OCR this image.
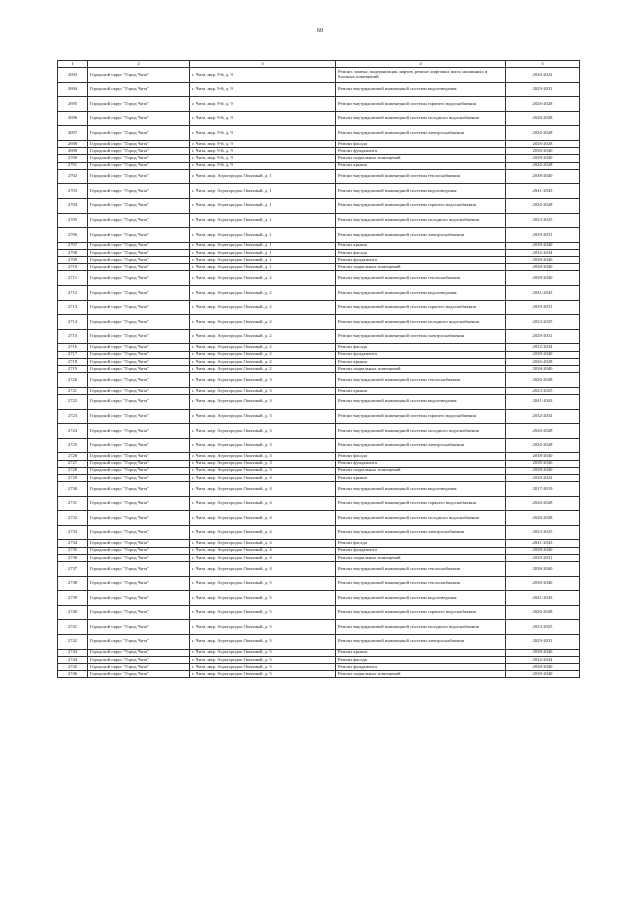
60
1	2	3	4	5
2693	Городской округ "Город Чита"	г. Чита, мкр. 9-й, д. 9	Ремонт, замена, модернизация лифтов, ремонт лифтовых шахт, машинных и блочных помещений	2020-2022
2694	Городской округ "Город Чита"	г. Чита, мкр. 9-й, д. 9	Ремонт внутридомовой инженерной системы водоотведения	2029-2031
2695	Городской округ "Город Чита"	г. Чита, мкр. 9-й, д. 9	Ремонт внутридомовой инженерной системы горячего водоснабжения	2026-2028
2696	Городской округ "Город Чита"	г. Чита, мкр. 9-й, д. 9	Ремонт внутридомовой инженерной системы холодного водоснабжения	2026-2028
2697	Городской округ "Город Чита"	г. Чита, мкр. 9-й, д. 9	Ремонт внутридомовой инженерной системы электроснабжения	2026-2028
2698	Городской округ "Город Чита"	г. Чита, мкр. 9-й, д. 9	Ремонт фасада	2026-2028
2699	Городской округ "Город Чита"	г. Чита, мкр. 9-й, д. 9	Ремонт фундамента	2038-2040
2700	Городской округ "Город Чита"	г. Чита, мкр. 9-й, д. 9	Ремонт подвальных помещений	2038-2040
2701	Городской округ "Город Чита"	г. Чита, мкр. 9-й, д. 9	Ремонт крыши	2026-2028
2702	Городской округ "Город Чита"	г. Чита, мкр. Агрогородок Опытный, д. 1	Ремонт внутридомовой инженерной системы теплоснабжения	2038-2040
2703	Городской округ "Город Чита"	г. Чита, мкр. Агрогородок Опытный, д. 1	Ремонт внутридомовой инженерной системы водоотведения	2041-2043
2704	Городской округ "Город Чита"	г. Чита, мкр. Агрогородок Опытный, д. 1	Ремонт внутридомовой инженерной системы горячего водоснабжения	2026-2028
2705	Городской округ "Город Чита"	г. Чита, мкр. Агрогородок Опытный, д. 1	Ремонт внутридомовой инженерной системы холодного водоснабжения	2023-2025
2706	Городской округ "Город Чита"	г. Чита, мкр. Агрогородок Опытный, д. 1	Ремонт внутридомовой инженерной системы электроснабжения	2029-2031
2707	Городской округ "Город Чита"	г. Чита, мкр. Агрогородок Опытный, д. 1	Ремонт крыши	2038-2040
2708	Городской округ "Город Чита"	г. Чита, мкр. Агрогородок Опытный, д. 1	Ремонт фасада	2032-2034
2709	Городской округ "Город Чита"	г. Чита, мкр. Агрогородок Опытный, д. 1	Ремонт фундамента	2038-2040
2710	Городской округ "Город Чита"	г. Чита, мкр. Агрогородок Опытный, д. 1	Ремонт подвальных помещений	2038-2040
2711	Городской округ "Город Чита"	г. Чита, мкр. Агрогородок Опытный, д. 2	Ремонт внутридомовой инженерной системы теплоснабжения	2038-2040
2712	Городской округ "Город Чита"	г. Чита, мкр. Агрогородок Опытный, д. 2	Ремонт внутридомовой инженерной системы водоотведения	2041-2043
2713	Городской округ "Город Чита"	г. Чита, мкр. Агрогородок Опытный, д. 2	Ремонт внутридомовой инженерной системы горячего водоснабжения	2029-2031
2714	Городской округ "Город Чита"	г. Чита, мкр. Агрогородок Опытный, д. 2	Ремонт внутридомовой инженерной системы холодного водоснабжения	2023-2025
2715	Городской округ "Город Чита"	г. Чита, мкр. Агрогородок Опытный, д. 2	Ремонт внутридомовой инженерной системы электроснабжения	2029-2031
2716	Городской округ "Город Чита"	г. Чита, мкр. Агрогородок Опытный, д. 2	Ремонт фасада	2032-2034
2717	Городской округ "Город Чита"	г. Чита, мкр. Агрогородок Опытный, д. 2	Ремонт фундамента	2038-2040
2718	Городской округ "Город Чита"	г. Чита, мкр. Агрогородок Опытный, д. 2	Ремонт крыши	2026-2028
2719	Городской округ "Город Чита"	г. Чита, мкр. Агрогородок Опытный, д. 2	Ремонт подвальных помещений	2038-2040
2720	Городской округ "Город Чита"	г. Чита, мкр. Агрогородок Опытный, д. 3	Ремонт внутридомовой инженерной системы теплоснабжения	2026-2028
2721	Городской округ "Город Чита"	г. Чита, мкр. Агрогородок Опытный, д. 3	Ремонт крыши	2023-2025
2722	Городской округ "Город Чита"	г. Чита, мкр. Агрогородок Опытный, д. 3	Ремонт внутридомовой инженерной системы водоотведения	2041-2043
2723	Городской округ "Город Чита"	г. Чита, мкр. Агрогородок Опытный, д. 3	Ремонт внутридомовой инженерной системы горячего водоснабжения	2032-2034
2724	Городской округ "Город Чита"	г. Чита, мкр. Агрогородок Опытный, д. 3	Ремонт внутридомовой инженерной системы холодного водоснабжения	2026-2028
2725	Городской округ "Город Чита"	г. Чита, мкр. Агрогородок Опытный, д. 3	Ремонт внутридомовой инженерной системы электроснабжения	2026-2028
2726	Городской округ "Город Чита"	г. Чита, мкр. Агрогородок Опытный, д. 3	Ремонт фасада	2038-2040
2727	Городской округ "Город Чита"	г. Чита, мкр. Агрогородок Опытный, д. 3	Ремонт фундамента	2038-2040
2728	Городской округ "Город Чита"	г. Чита, мкр. Агрогородок Опытный, д. 3	Ремонт подвальных помещений	2038-2040
2729	Городской округ "Город Чита"	г. Чита, мкр. Агрогородок Опытный, д. 4	Ремонт крыши	2020-2022
2730	Городской округ "Город Чита"	г. Чита, мкр. Агрогородок Опытный, д. 4	Ремонт внутридомовой инженерной системы водоотведения	2017-2019
2731	Городской округ "Город Чита"	г. Чита, мкр. Агрогородок Опытный, д. 4	Ремонт внутридомовой инженерной системы горячего водоснабжения	2026-2028
2732	Городской округ "Город Чита"	г. Чита, мкр. Агрогородок Опытный, д. 4	Ремонт внутридомовой инженерной системы холодного водоснабжения	2026-2028
2733	Городской округ "Город Чита"	г. Чита, мкр. Агрогородок Опытный, д. 4	Ремонт внутридомовой инженерной системы электроснабжения	2023-2025
2734	Городской округ "Город Чита"	г. Чита, мкр. Агрогородок Опытный, д. 4	Ремонт фасада	2041-2043
2735	Городской округ "Город Чита"	г. Чита, мкр. Агрогородок Опытный, д. 4	Ремонт фундамента	2038-2040
2736	Городской округ "Город Чита"	г. Чита, мкр. Агрогородок Опытный, д. 4	Ремонт подвальных помещений	2029-2031
2737	Городской округ "Город Чита"	г. Чита, мкр. Агрогородок Опытный, д. 4	Ремонт внутридомовой инженерной системы теплоснабжения	2038-2040
2738	Городской округ "Город Чита"	г. Чита, мкр. Агрогородок Опытный, д. 5	Ремонт внутридомовой инженерной системы теплоснабжения	2038-2040
2739	Городской округ "Город Чита"	г. Чита, мкр. Агрогородок Опытный, д. 5	Ремонт внутридомовой инженерной системы водоотведения	2041-2043
2740	Городской округ "Город Чита"	г. Чита, мкр. Агрогородок Опытный, д. 5	Ремонт внутридомовой инженерной системы горячего водоснабжения	2026-2028
2741	Городской округ "Город Чита"	г. Чита, мкр. Агрогородок Опытный, д. 5	Ремонт внутридомовой инженерной системы холодного водоснабжения	2023-2025
2742	Городской округ "Город Чита"	г. Чита, мкр. Агрогородок Опытный, д. 5	Ремонт внутридомовой инженерной системы электроснабжения	2029-2031
2743	Городской округ "Город Чита"	г. Чита, мкр. Агрогородок Опытный, д. 5	Ремонт крыши	2038-2040
2744	Городской округ "Город Чита"	г. Чита, мкр. Агрогородок Опытный, д. 5	Ремонт фасада	2032-2034
2745	Городской округ "Город Чита"	г. Чита, мкр. Агрогородок Опытный, д. 5	Ремонт фундамента	2038-2040
2746	Городской округ "Город Чита"	г. Чита, мкр. Агрогородок Опытный, д. 5	Ремонт подвальных помещений	2038-2040
